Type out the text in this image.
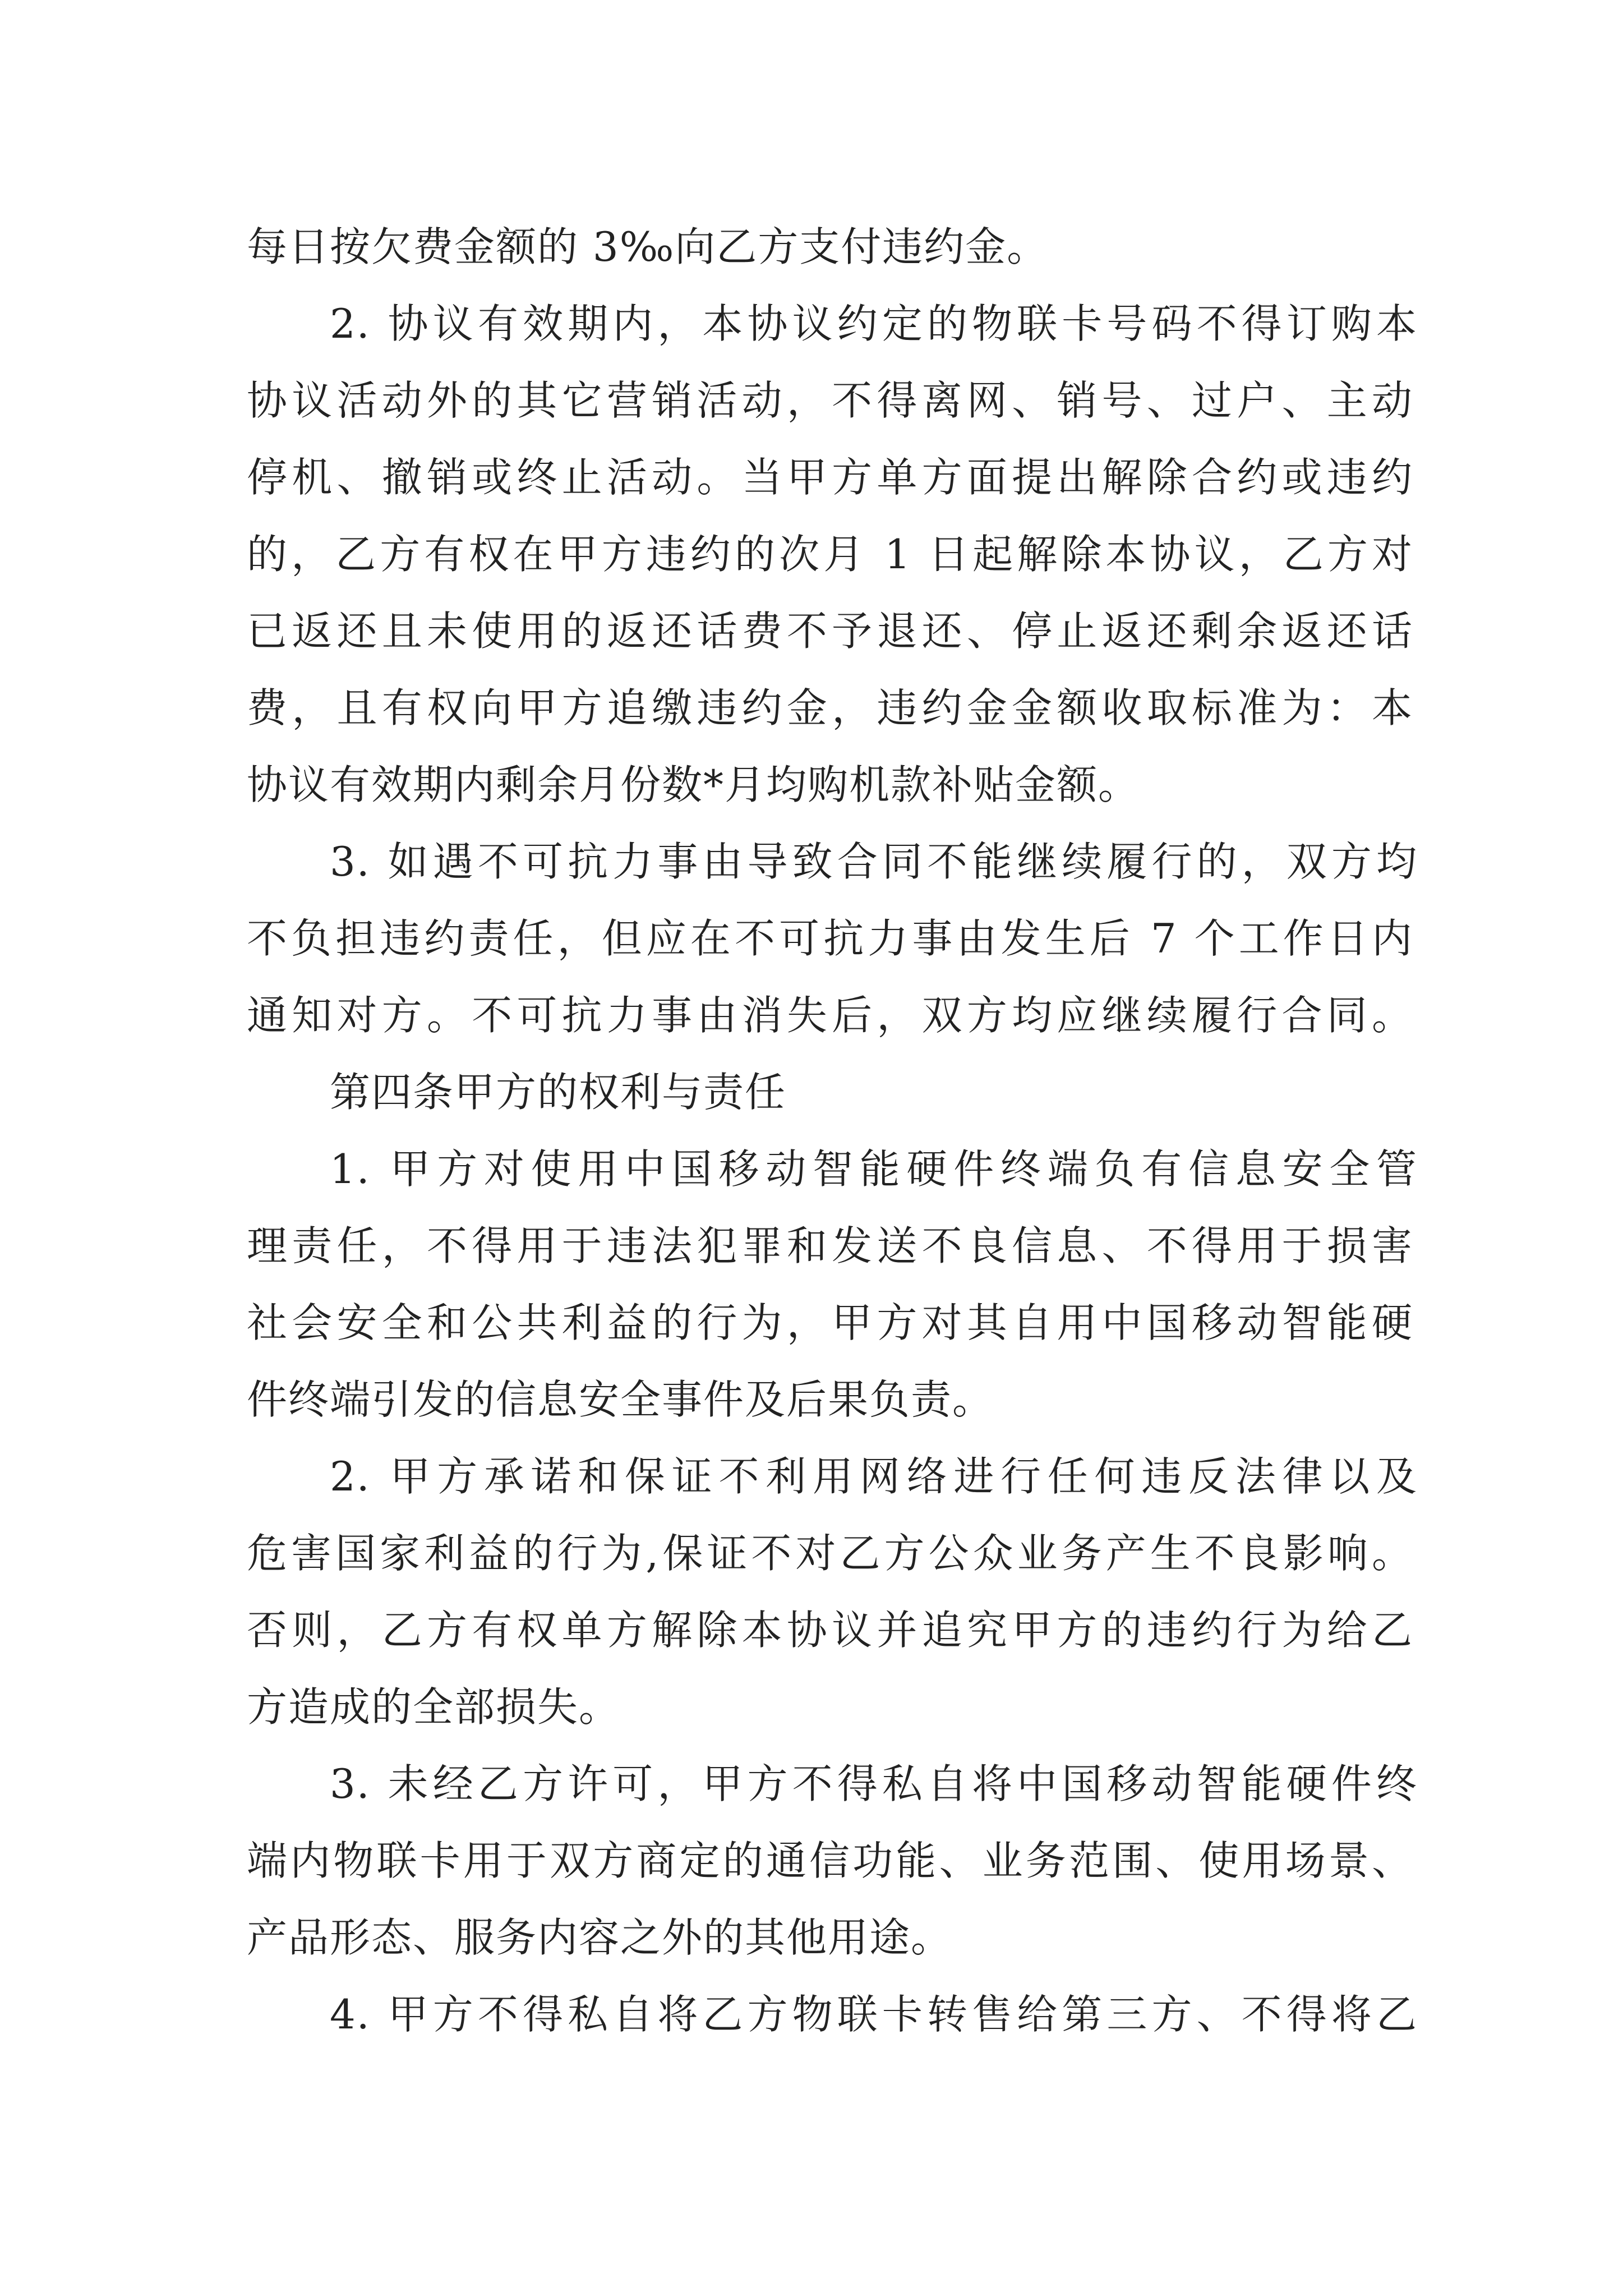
每日按欠费金额的 3‰向乙方支付违约金。
2. 协议有效期内，本协议约定的物联卡号码不得订购本
协议活动外的其它营销活动，不得离网、销号、过户、主动
停机、撤销或终止活动。当甲方单方面提出解除合约或违约
的，乙方有权在甲方违约的次月 1 日起解除本协议，乙方对
已返还且未使用的返还话费不予退还、停止返还剩余返还话
费，且有权向甲方追缴违约金，违约金金额收取标准为：本
协议有效期内剩余月份数*月均购机款补贴金额。
3. 如遇不可抗力事由导致合同不能继续履行的，双方均
不负担违约责任，但应在不可抗力事由发生后 7 个工作日内
通知对方。不可抗力事由消失后，双方均应继续履行合同。
第四条甲方的权利与责任
1. 甲方对使用中国移动智能硬件终端负有信息安全管
理责任，不得用于违法犯罪和发送不良信息、不得用于损害
社会安全和公共利益的行为，甲方对其自用中国移动智能硬
件终端引发的信息安全事件及后果负责。
2. 甲方承诺和保证不利用网络进行任何违反法律以及
危害国家利益的行为,保证不对乙方公众业务产生不良影响。
否则，乙方有权单方解除本协议并追究甲方的违约行为给乙
方造成的全部损失。
3. 未经乙方许可，甲方不得私自将中国移动智能硬件终
端内物联卡用于双方商定的通信功能、业务范围、使用场景、
产品形态、服务内容之外的其他用途。
4. 甲方不得私自将乙方物联卡转售给第三方、不得将乙
